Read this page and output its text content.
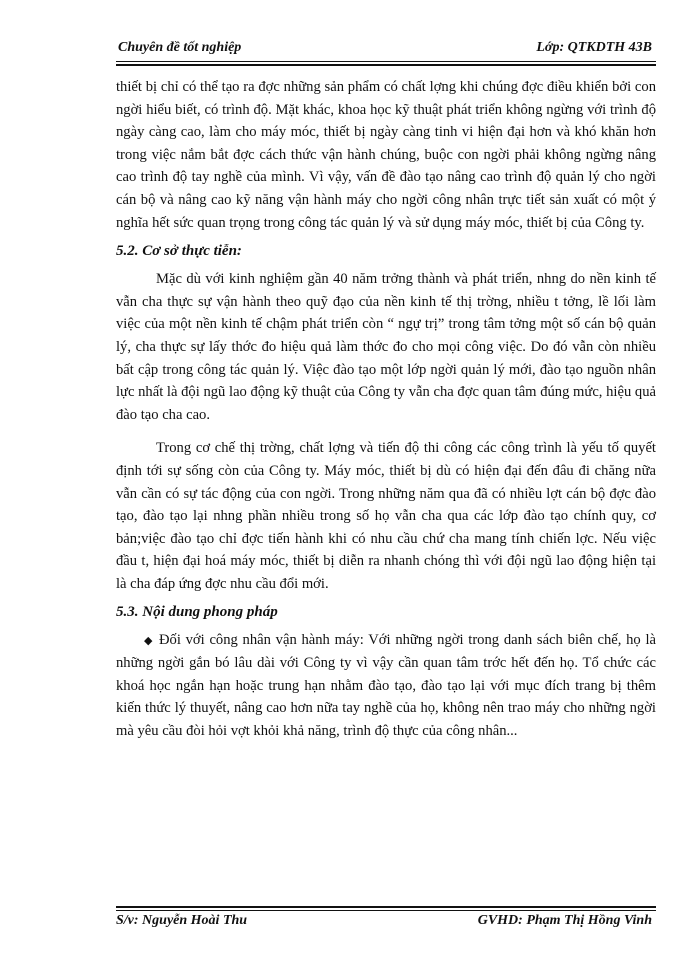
Chuyên đề tốt nghiệp	Lớp: QTKDTH 43B

thiết bị chỉ có thể tạo ra đợc những sản phẩm có chất lợng khi chúng đợc điều khiển bởi con ngời hiểu biết, có trình độ. Mặt khác, khoa học kỹ thuật phát triển không ngừng với trình độ ngày càng cao, làm cho máy móc, thiết bị ngày càng tinh vi hiện đại hơn và khó khăn hơn trong việc nắm bắt đợc cách thức vận hành chúng, buộc con ngời phải không ngừng nâng cao trình độ tay nghề của mình. Vì vậy, vấn đề đào tạo nâng cao trình độ quản lý cho ngời cán bộ và nâng cao kỹ năng vận hành máy cho ngời công nhân trực tiết sản xuất có một ý nghĩa hết sức quan trọng trong công tác quản lý và sử dụng máy móc, thiết bị của Công ty.

5.2. Cơ sở thực tiễn:

Mặc dù với kinh nghiệm gần 40 năm trởng thành và phát triển, nhng do nền kinh tế vẫn cha thực sự vận hành theo quỹ đạo của nền kinh tế thị trờng, nhiều t tởng, lề lối làm việc của một nền kinh tế chậm phát triển còn “ ngự trị” trong tâm tởng một số cán bộ quản lý, cha thực sự lấy thớc đo hiệu quả làm thớc đo cho mọi công việc. Do đó vẫn còn nhiều bất cập trong công tác quản lý. Việc đào tạo một lớp ngời quản lý mới, đào tạo nguồn nhân lực nhất là đội ngũ lao động kỹ thuật của Công ty vẫn cha đợc quan tâm đúng mức, hiệu quả đào tạo cha cao.

Trong cơ chế thị trờng, chất lợng và tiến độ thi công các công trình là yếu tố quyết định tới sự sống còn của Công ty. Máy móc, thiết bị dù có hiện đại đến đâu đi chăng nữa vẫn cần có sự tác động của con ngời. Trong những năm qua đã có nhiều lợt cán bộ đợc đào tạo, đào tạo lại nhng phần nhiều trong số họ vẫn cha qua các lớp đào tạo chính quy, cơ bản;việc đào tạo chỉ đợc tiến hành khi có nhu cầu chứ cha mang tính chiến lợc. Nếu việc đầu t, hiện đại hoá máy móc, thiết bị diễn ra nhanh chóng thì với đội ngũ lao động hiện tại là cha đáp ứng đợc nhu cầu đổi mới.

5.3. Nội dung phong pháp

◆ Đối với công nhân vận hành máy: Với những ngời trong danh sách biên chế, họ là những ngời gắn bó lâu dài với Công ty vì vậy cần quan tâm trớc hết đến họ. Tổ chức các khoá học ngắn hạn hoặc trung hạn nhằm đào tạo, đào tạo lại với mục đích trang bị thêm kiến thức lý thuyết, nâng cao hơn nữa tay nghề của họ, không nên trao máy cho những ngời mà yêu cầu đòi hỏi vợt khỏi khả năng, trình độ thực của công nhân...

S/v: Nguyễn Hoài Thu	GVHD: Phạm Thị Hồng Vinh
